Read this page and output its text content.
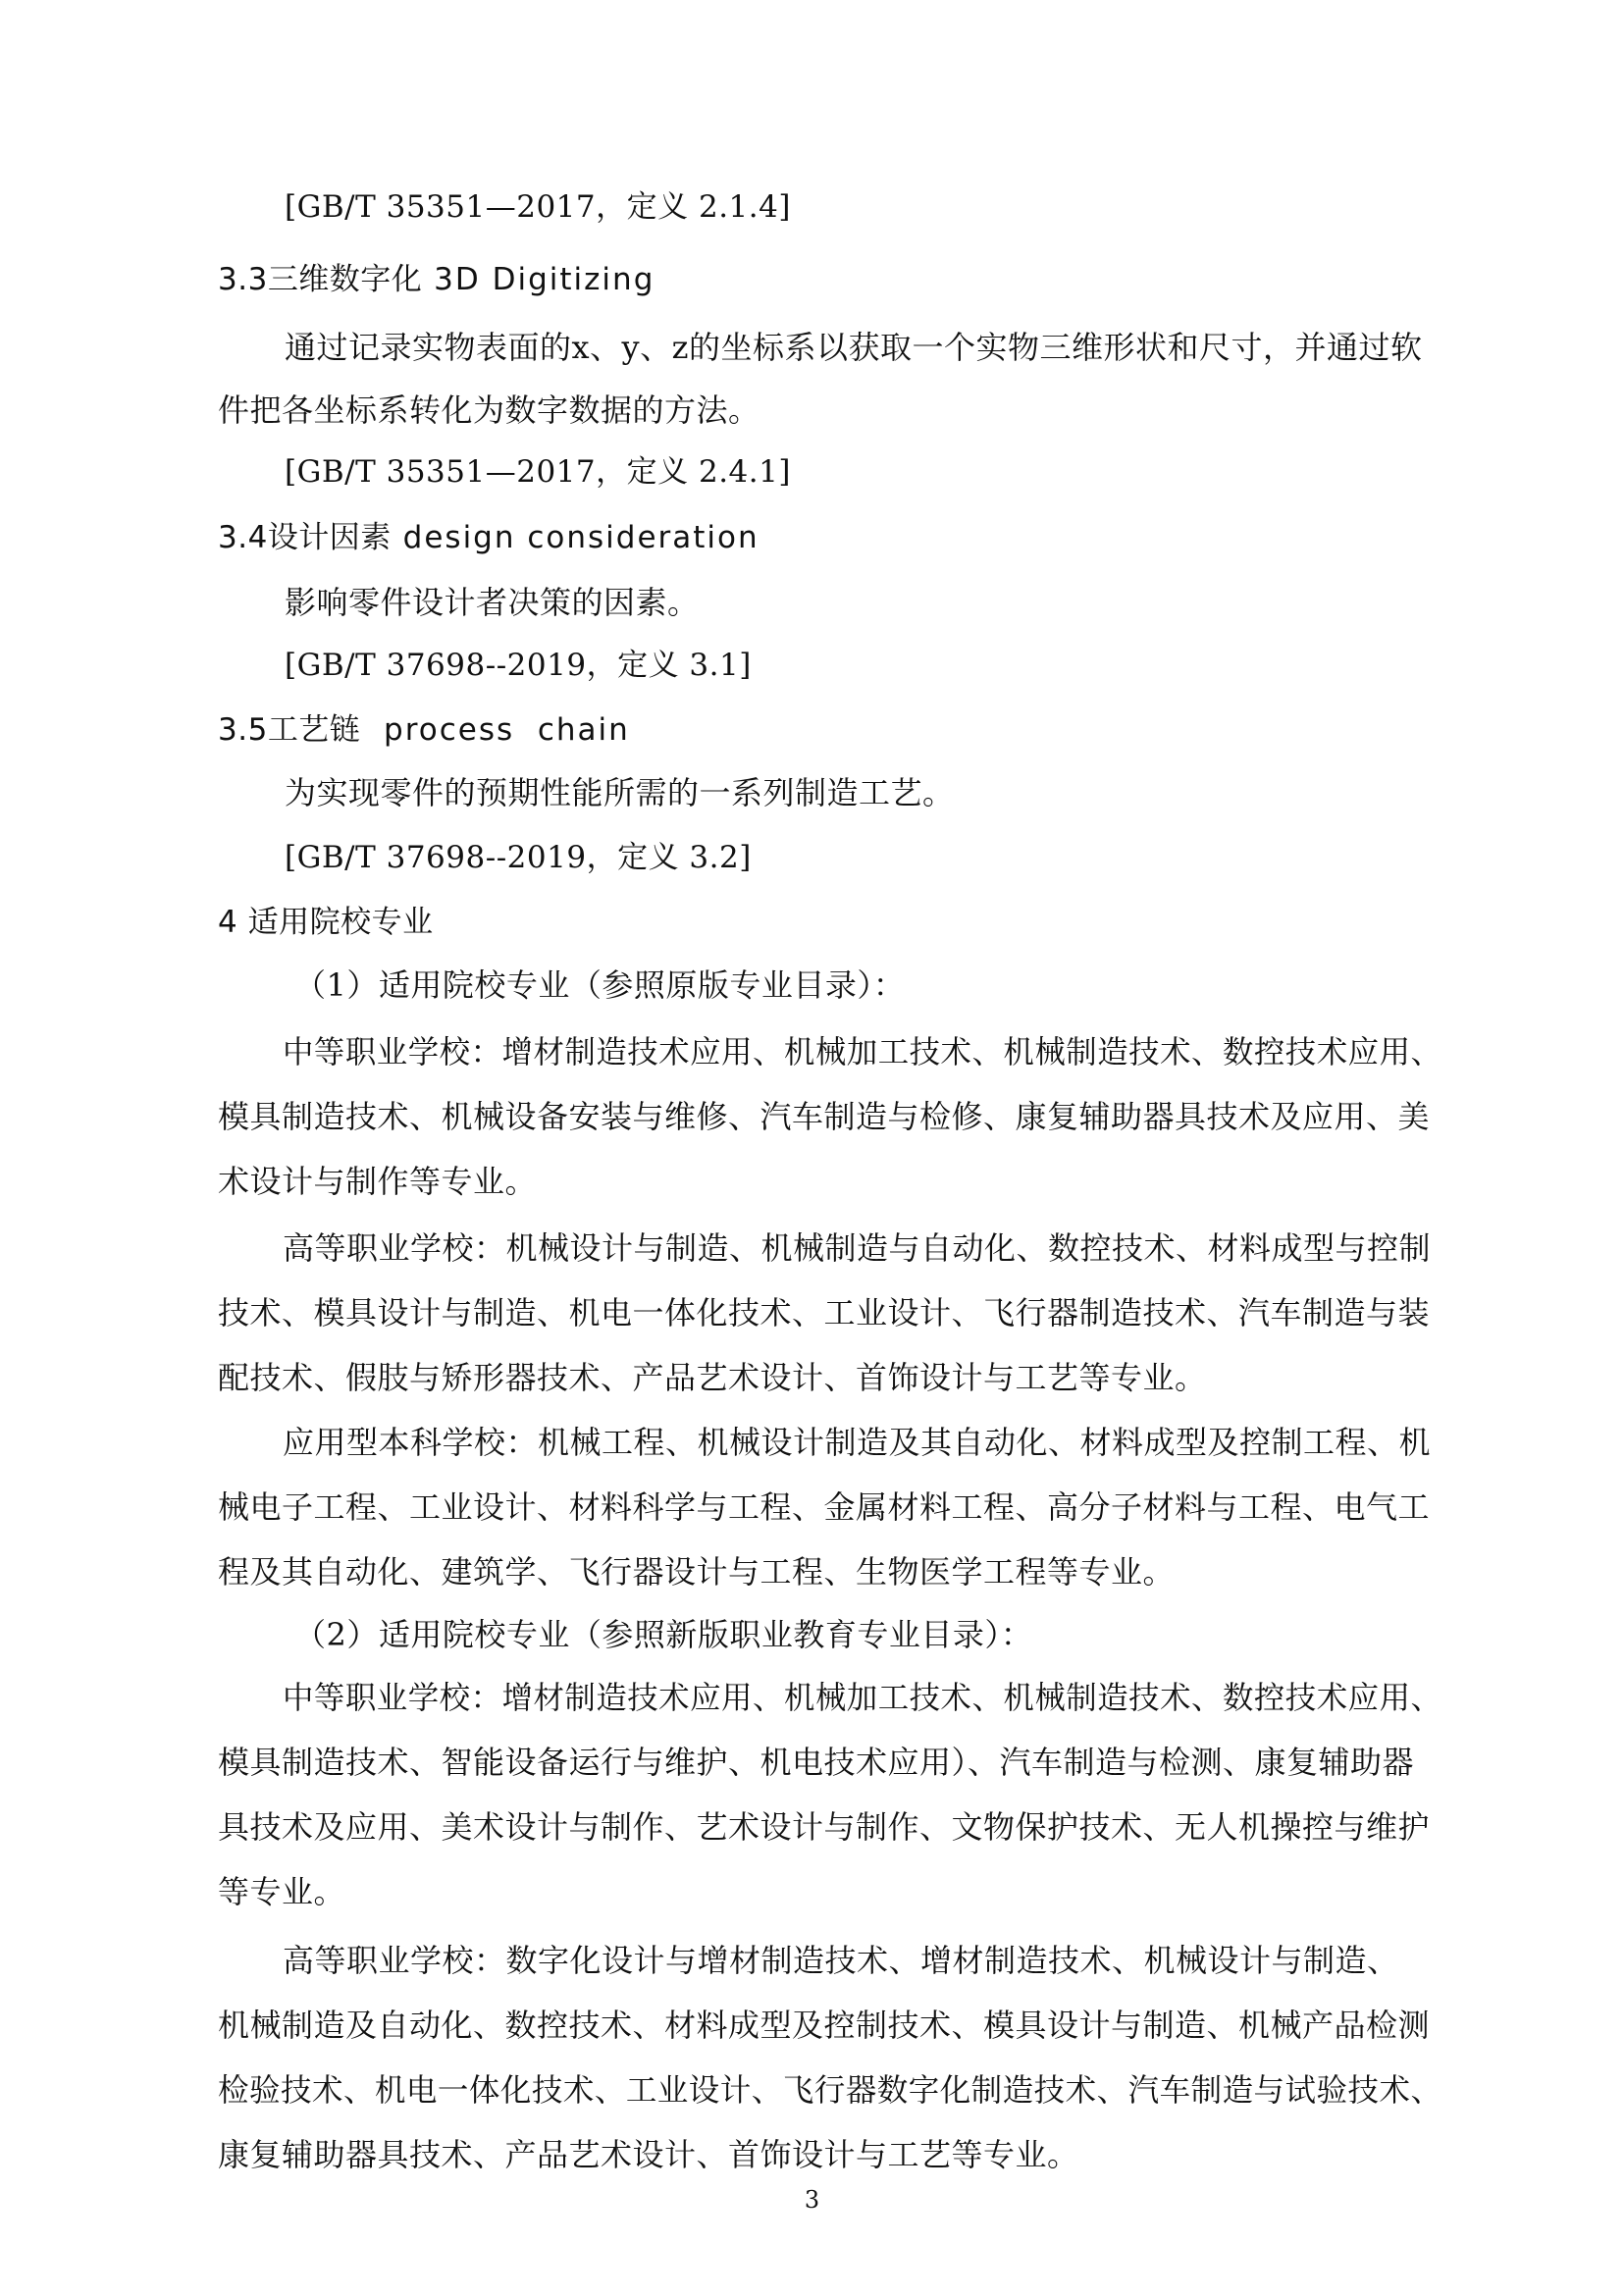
[GB/T 35351—2017，定义 2.1.4]
3.3三维数字化 3D Digitizing
通过记录实物表面的x、y、z的坐标系以获取一个实物三维形状和尺寸，并通过软
件把各坐标系转化为数字数据的方法。
[GB/T 35351—2017，定义 2.4.1]
3.4设计因素 design consideration
影响零件设计者决策的因素。
[GB/T 37698--2019，定义 3.1]
3.5工艺链  process  chain
为实现零件的预期性能所需的一系列制造工艺。
[GB/T 37698--2019，定义 3.2]
4 适用院校专业
（1）适用院校专业（参照原版专业目录）：
中等职业学校：增材制造技术应用、机械加工技术、机械制造技术、数控技术应用、
模具制造技术、机械设备安装与维修、汽车制造与检修、康复辅助器具技术及应用、美
术设计与制作等专业。
高等职业学校：机械设计与制造、机械制造与自动化、数控技术、材料成型与控制
技术、模具设计与制造、机电一体化技术、工业设计、飞行器制造技术、汽车制造与装
配技术、假肢与矫形器技术、产品艺术设计、首饰设计与工艺等专业。
应用型本科学校：机械工程、机械设计制造及其自动化、材料成型及控制工程、机
械电子工程、工业设计、材料科学与工程、金属材料工程、高分子材料与工程、电气工
程及其自动化、建筑学、飞行器设计与工程、生物医学工程等专业。
（2）适用院校专业（参照新版职业教育专业目录）：
中等职业学校：增材制造技术应用、机械加工技术、机械制造技术、数控技术应用、
模具制造技术、智能设备运行与维护、机电技术应用）、汽车制造与检测、康复辅助器
具技术及应用、美术设计与制作、艺术设计与制作、文物保护技术、无人机操控与维护
等专业。
高等职业学校：数字化设计与增材制造技术、增材制造技术、机械设计与制造、
机械制造及自动化、数控技术、材料成型及控制技术、模具设计与制造、机械产品检测
检验技术、机电一体化技术、工业设计、飞行器数字化制造技术、汽车制造与试验技术、
康复辅助器具技术、产品艺术设计、首饰设计与工艺等专业。
3
